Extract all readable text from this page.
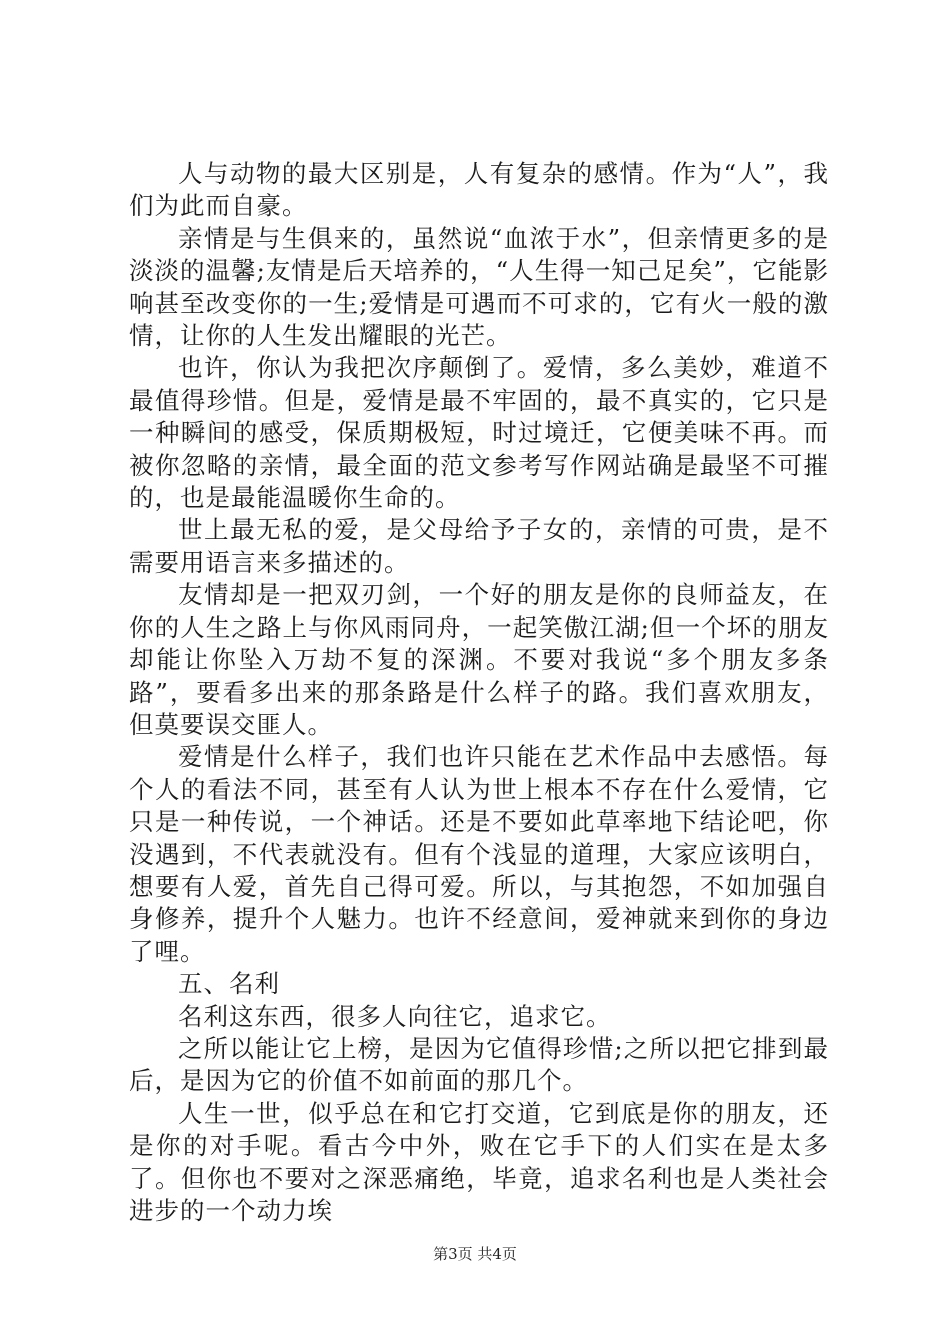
人与动物的最大区别是，人有复杂的感情。作为“人”，我们为此而自豪。

亲情是与生俱来的，虽然说“血浓于水”，但亲情更多的是淡淡的温馨;友情是后天培养的，“人生得一知己足矣”，它能影响甚至改变你的一生;爱情是可遇而不可求的，它有火一般的激情，让你的人生发出耀眼的光芒。

也许，你认为我把次序颠倒了。爱情，多么美妙，难道不最值得珍惜。但是，爱情是最不牢固的，最不真实的，它只是一种瞬间的感受，保质期极短，时过境迁，它便美味不再。而被你忽略的亲情，最全面的范文参考写作网站确是最坚不可摧的，也是最能温暖你生命的。

世上最无私的爱，是父母给予子女的，亲情的可贵，是不需要用语言来多描述的。

友情却是一把双刃剑，一个好的朋友是你的良师益友，在你的人生之路上与你风雨同舟，一起笑傲江湖;但一个坏的朋友却能让你坠入万劫不复的深渊。不要对我说“多个朋友多条路”，要看多出来的那条路是什么样子的路。我们喜欢朋友，但莫要误交匪人。

爱情是什么样子，我们也许只能在艺术作品中去感悟。每个人的看法不同，甚至有人认为世上根本不存在什么爱情，它只是一种传说，一个神话。还是不要如此草率地下结论吧，你没遇到，不代表就没有。但有个浅显的道理，大家应该明白，想要有人爱，首先自己得可爱。所以，与其抱怨，不如加强自身修养，提升个人魅力。也许不经意间，爱神就来到你的身边了哩。

五、名利

名利这东西，很多人向往它，追求它。

之所以能让它上榜，是因为它值得珍惜;之所以把它排到最后，是因为它的价值不如前面的那几个。

人生一世，似乎总在和它打交道，它到底是你的朋友，还是你的对手呢。看古今中外，败在它手下的人们实在是太多了。但你也不要对之深恶痛绝，毕竟，追求名利也是人类社会进步的一个动力埃

第3页 共4页
